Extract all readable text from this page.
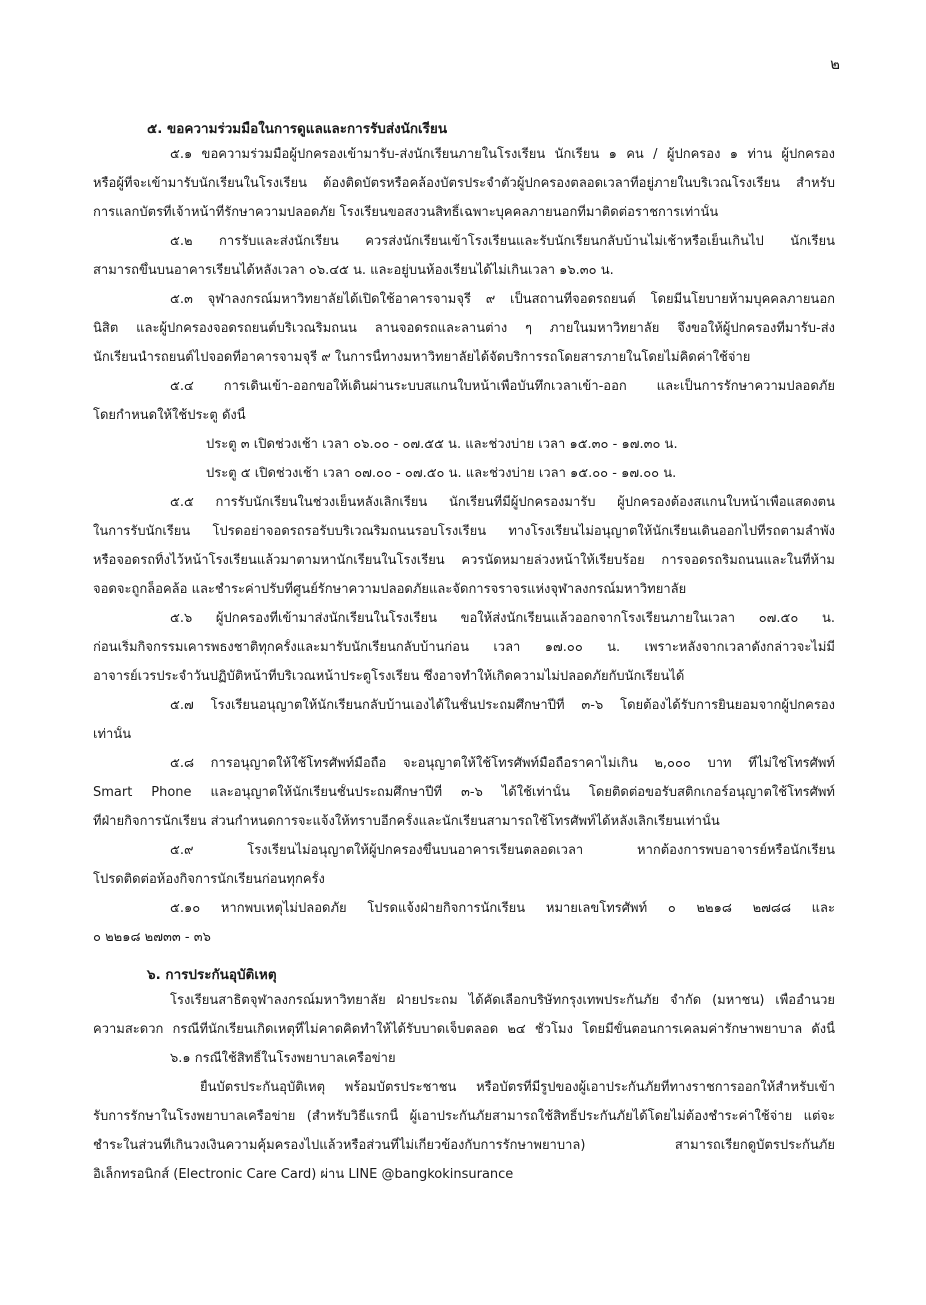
๒
๕. ขอความร่วมมือในการดูแลและการรับส่งนักเรียน
๕.๑ ขอความร่วมมือผู้ปกครองเข้ามารับ-ส่งนักเรียนภายในโรงเรียน นักเรียน ๑ คน / ผู้ปกครอง ๑ ท่าน ผู้ปกครอง
หรือผู้ที่จะเข้ามารับนักเรียนในโรงเรียน ต้องติดบัตรหรือคล้องบัตรประจำตัวผู้ปกครองตลอดเวลาที่อยู่ภายในบริเวณโรงเรียน สำหรับ
การแลกบัตรที่เจ้าหน้าที่รักษาความปลอดภัย โรงเรียนขอสงวนสิทธิ์เฉพาะบุคคลภายนอกที่มาติดต่อราชการเท่านั้น
๕.๒ การรับและส่งนักเรียน ควรส่งนักเรียนเข้าโรงเรียนและรับนักเรียนกลับบ้านไม่เช้าหรือเย็นเกินไป นักเรียน
สามารถขึ้นบนอาคารเรียนได้หลังเวลา ๐๖.๔๕ น. และอยู่บนห้องเรียนได้ไม่เกินเวลา ๑๖.๓๐ น.
๕.๓ จุฬาลงกรณ์มหาวิทยาลัยได้เปิดใช้อาคารจามจุรี ๙ เป็นสถานที่จอดรถยนต์ โดยมีนโยบายห้ามบุคคลภายนอก
นิสิต และผู้ปกครองจอดรถยนต์บริเวณริมถนน ลานจอดรถและลานต่าง ๆ ภายในมหาวิทยาลัย จึงขอให้ผู้ปกครองที่มารับ-ส่ง
นักเรียนนำรถยนต์ไปจอดที่อาคารจามจุรี ๙ ในการนี้ทางมหาวิทยาลัยได้จัดบริการรถโดยสารภายในโดยไม่คิดค่าใช้จ่าย
๕.๔ การเดินเข้า-ออกขอให้เดินผ่านระบบสแกนใบหน้าเพื่อบันทึกเวลาเข้า-ออก และเป็นการรักษาความปลอดภัย
โดยกำหนดให้ใช้ประตู ดังนี้
ประตู ๓ เปิดช่วงเช้า เวลา ๐๖.๐๐ - ๐๗.๕๕ น. และช่วงบ่าย เวลา ๑๕.๓๐ - ๑๗.๓๐ น.
ประตู ๕ เปิดช่วงเช้า เวลา ๐๗.๐๐ - ๐๗.๕๐ น. และช่วงบ่าย เวลา ๑๕.๐๐ - ๑๗.๐๐ น.
๕.๕ การรับนักเรียนในช่วงเย็นหลังเลิกเรียน นักเรียนที่มีผู้ปกครองมารับ ผู้ปกครองต้องสแกนใบหน้าเพื่อแสดงตน
ในการรับนักเรียน โปรดอย่าจอดรถรอรับบริเวณริมถนนรอบโรงเรียน ทางโรงเรียนไม่อนุญาตให้นักเรียนเดินออกไปที่รถตามลำพัง
หรือจอดรถทิ้งไว้หน้าโรงเรียนแล้วมาตามหานักเรียนในโรงเรียน ควรนัดหมายล่วงหน้าให้เรียบร้อย การจอดรถริมถนนและในที่ห้าม
จอดจะถูกล็อคล้อ และชำระค่าปรับที่ศูนย์รักษาความปลอดภัยและจัดการจราจรแห่งจุฬาลงกรณ์มหาวิทยาลัย
๕.๖ ผู้ปกครองที่เข้ามาส่งนักเรียนในโรงเรียน ขอให้ส่งนักเรียนแล้วออกจากโรงเรียนภายในเวลา ๐๗.๕๐ น.
ก่อนเริ่มกิจกรรมเคารพธงชาติทุกครั้งและมารับนักเรียนกลับบ้านก่อน เวลา ๑๗.๐๐ น. เพราะหลังจากเวลาดังกล่าวจะไม่มี
อาจารย์เวรประจำวันปฏิบัติหน้าที่บริเวณหน้าประตูโรงเรียน ซึ่งอาจทำให้เกิดความไม่ปลอดภัยกับนักเรียนได้
๕.๗ โรงเรียนอนุญาตให้นักเรียนกลับบ้านเองได้ในชั้นประถมศึกษาปีที่ ๓-๖ โดยต้องได้รับการยินยอมจากผู้ปกครอง
เท่านั้น
๕.๘ การอนุญาตให้ใช้โทรศัพท์มือถือ จะอนุญาตให้ใช้โทรศัพท์มือถือราคาไม่เกิน ๒,๐๐๐ บาท ที่ไม่ใช่โทรศัพท์
Smart Phone และอนุญาตให้นักเรียนชั้นประถมศึกษาปีที่ ๓-๖ ได้ใช้เท่านั้น โดยติดต่อขอรับสติกเกอร์อนุญาตใช้โทรศัพท์
ที่ฝ่ายกิจการนักเรียน ส่วนกำหนดการจะแจ้งให้ทราบอีกครั้งและนักเรียนสามารถใช้โทรศัพท์ได้หลังเลิกเรียนเท่านั้น
๕.๙ โรงเรียนไม่อนุญาตให้ผู้ปกครองขึ้นบนอาคารเรียนตลอดเวลา หากต้องการพบอาจารย์หรือนักเรียน
โปรดติดต่อห้องกิจการนักเรียนก่อนทุกครั้ง
๕.๑๐ หากพบเหตุไม่ปลอดภัย โปรดแจ้งฝ่ายกิจการนักเรียน หมายเลขโทรศัพท์ ๐ ๒๒๑๘ ๒๗๘๘ และ
๐ ๒๒๑๘ ๒๗๓๓ - ๓๖
๖. การประกันอุบัติเหตุ
โรงเรียนสาธิตจุฬาลงกรณ์มหาวิทยาลัย ฝ่ายประถม ได้คัดเลือกบริษัทกรุงเทพประกันภัย จำกัด (มหาชน) เพื่ออำนวย
ความสะดวก กรณีที่นักเรียนเกิดเหตุที่ไม่คาดคิดทำให้ได้รับบาดเจ็บตลอด ๒๔ ชั่วโมง โดยมีขั้นตอนการเคลมค่ารักษาพยาบาล ดังนี้
๖.๑ กรณีใช้สิทธิ์ในโรงพยาบาลเครือข่าย
ยื่นบัตรประกันอุบัติเหตุ พร้อมบัตรประชาชน หรือบัตรที่มีรูปของผู้เอาประกันภัยที่ทางราชการออกให้สำหรับเข้า
รับการรักษาในโรงพยาบาลเครือข่าย (สำหรับวิธีแรกนี้ ผู้เอาประกันภัยสามารถใช้สิทธิ์ประกันภัยได้โดยไม่ต้องชำระค่าใช้จ่าย แต่จะ
ชำระในส่วนที่เกินวงเงินความคุ้มครองไปแล้วหรือส่วนที่ไม่เกี่ยวข้องกับการรักษาพยาบาล) สามารถเรียกดูบัตรประกันภัย
อิเล็กทรอนิกส์ (Electronic Care Card) ผ่าน LINE @bangkokinsurance
